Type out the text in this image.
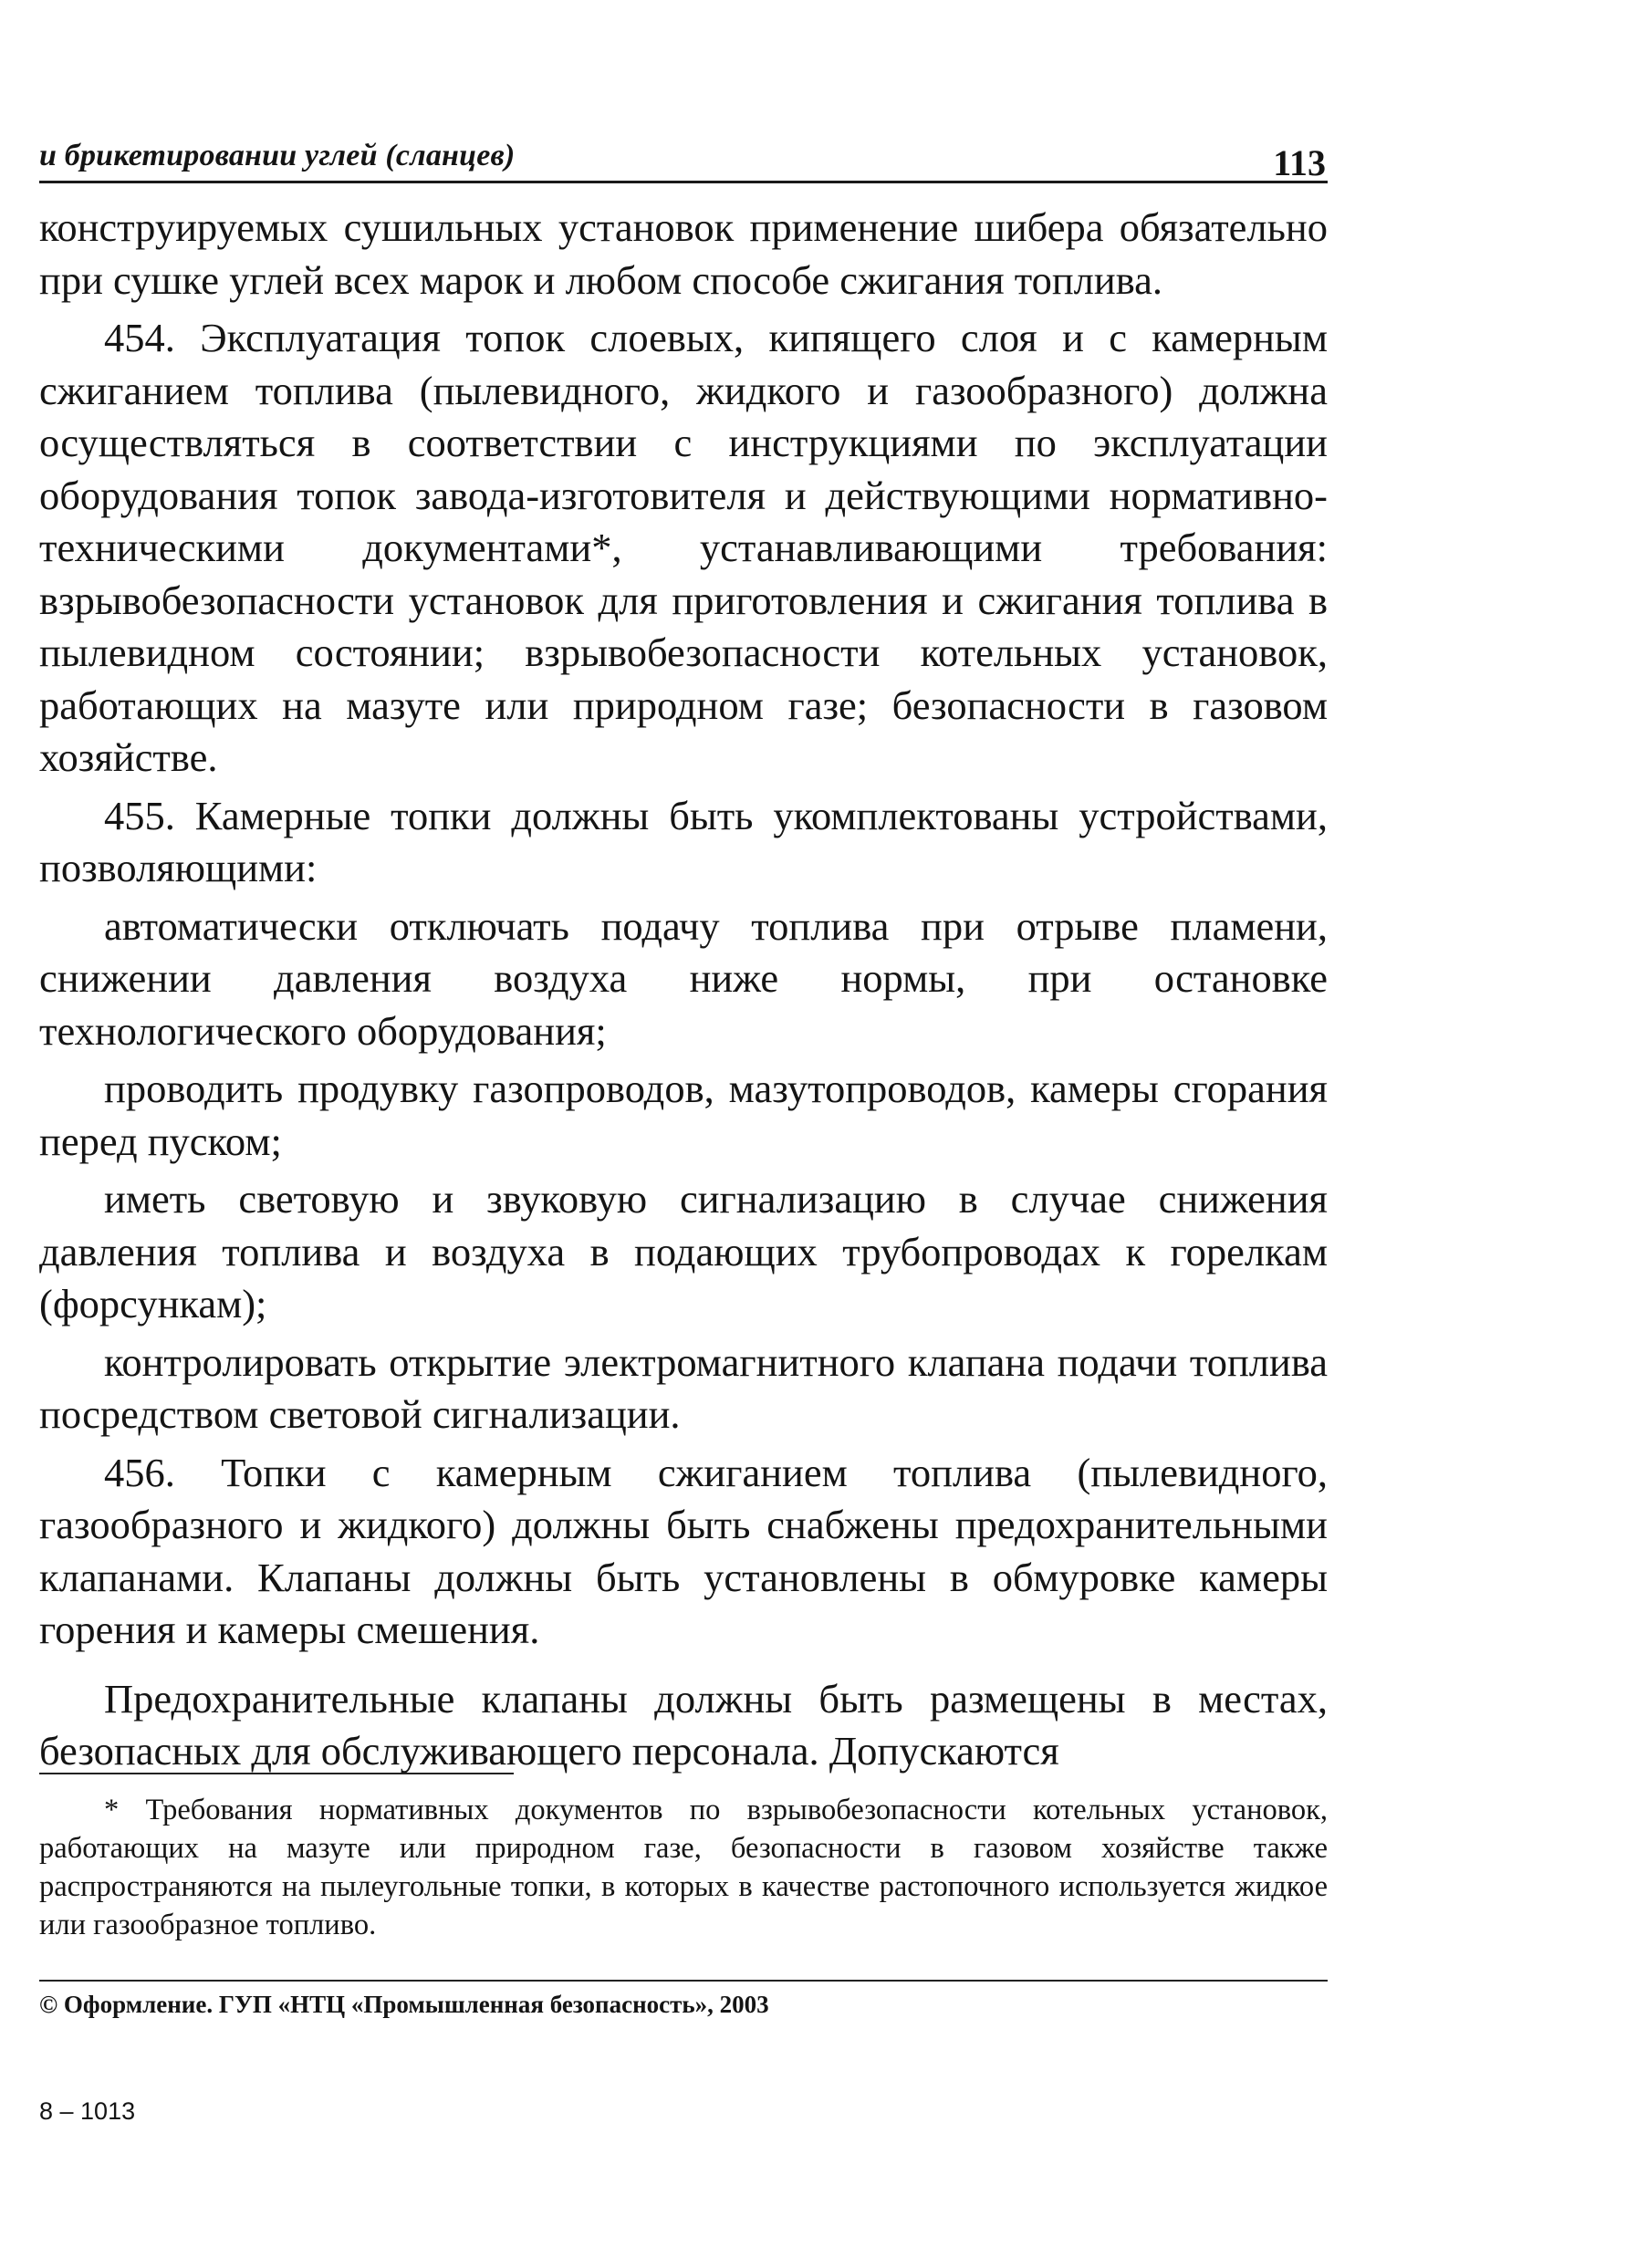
и брикетировании углей (сланцев)	113

конструируемых сушильных установок применение шибера обязательно при сушке углей всех марок и любом способе сжигания топлива.

454. Эксплуатация топок слоевых, кипящего слоя и с камерным сжиганием топлива (пылевидного, жидкого и газообразного) должна осуществляться в соответствии с инструкциями по эксплуатации оборудования топок завода-изготовителя и действующими нормативно-техническими документами*, устанавливающими требования: взрывобезопасности установок для приготовления и сжигания топлива в пылевидном состоянии; взрывобезопасности котельных установок, работающих на мазуте или природном газе; безопасности в газовом хозяйстве.

455. Камерные топки должны быть укомплектованы устройствами, позволяющими:

автоматически отключать подачу топлива при отрыве пламени, снижении давления воздуха ниже нормы, при остановке технологического оборудования;

проводить продувку газопроводов, мазутопроводов, камеры сгорания перед пуском;

иметь световую и звуковую сигнализацию в случае снижения давления топлива и воздуха в подающих трубопроводах к горелкам (форсункам);

контролировать открытие электромагнитного клапана подачи топлива посредством световой сигнализации.

456. Топки с камерным сжиганием топлива (пылевидного, газообразного и жидкого) должны быть снабжены предохранительными клапанами. Клапаны должны быть установлены в обмуровке камеры горения и камеры смешения.

Предохранительные клапаны должны быть размещены в местах, безопасных для обслуживающего персонала. Допускаются

* Требования нормативных документов по взрывобезопасности котельных установок, работающих на мазуте или природном газе, безопасности в газовом хозяйстве также распространяются на пылеугольные топки, в которых в качестве растопочного используется жидкое или газообразное топливо.

© Оформление. ГУП «НТЦ «Промышленная безопасность», 2003
8 – 1013
